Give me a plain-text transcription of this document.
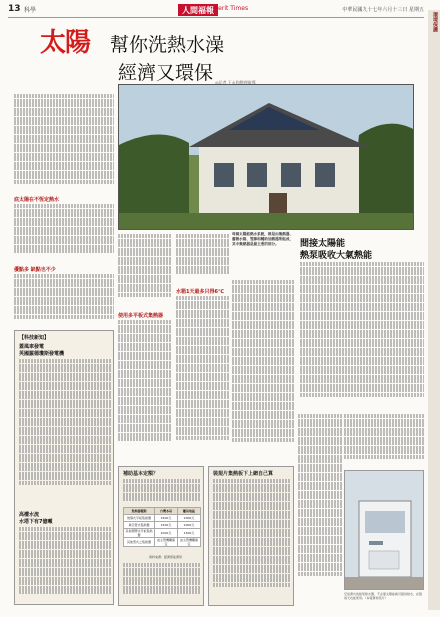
13 科學	人間福報 Merit Times	中華民國九十七年六月十三日 星期五
環境保護
太陽 幫你洗熱水澡
經濟又環保 ◎記者 王永和整理報導
底太陽在不恆定熱水
優點多 缺點也不少
【科技新知】
蓋風車發電
英國羅德瓊斯發電機
高樓水流
水塔下有7億噸
使用多平板式集熱器
水箱1天最多只得6℃
每個太陽能熱水系統，都是由集熱器、蓄熱水箱、管線和輔助加熱器所組成，其中集熱器是最主要的部分。	間接太陽能
熱泵吸收大氣熱能
補助基本定額？
集熱器種類	台灣本島	離島地區
玻璃式平板集熱器	1500元	2000元
真空管式集熱器	1500元	2000元
其他塑膠式平板集熱器	1000元	1500元
其他型式之集熱器	由主管機關審定	由主管機關審定
資料來源：經濟部能源局
裝規片集熱板下上網自己算
空氣源式的熱泵熱水器，不必靠太陽能就可提供熱水，在陰雨天也能使用。（本報資料照片）
